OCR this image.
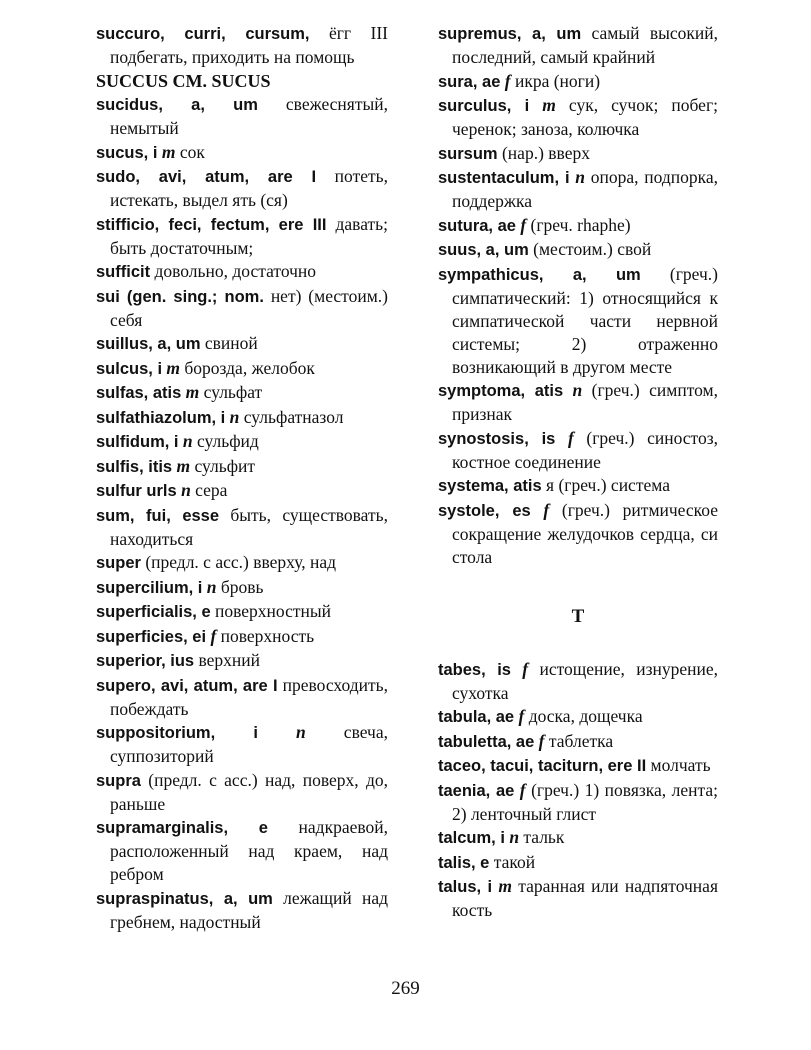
succuro, curri, cursum, ёгг III подбегать, приходить на помощь
SUCCUS CM. SUCUS
sucidus, a, um свежеснятый, немытый
sucus, i m сок
sudo, avi, atum, are I потеть, истекать, выдел ять (ся)
stifficio, feci, fectum, ere III давать; быть достаточным;
sufficit довольно, достаточно
sui (gen. sing.; nom. нет) (местоим.) себя
suillus, a, um свиной
sulcus, i m борозда, желобок
sulfas, atis m сульфат
sulfathiazolum, i n сульфатназол
sulfidum, i n сульфид
sulfis, itis m сульфит
sulfur urls n сера
sum, fui, esse быть, существовать, находиться
super (предл. с асс.) вверху, над
supercilium, i n бровь
superficialis, e поверхностный
superficies, ei f поверхность
superior, ius верхний
supero, avi, atum, are I превосходить, побеждать
suppositorium, i n свеча, суппозиторий
supra (предл. с асс.) над, поверх, до, раньше
supramarginalis, e надкраевой, расположенный над краем, над ребром
supraspinatus, a, um лежащий над гребнем, надостный
supremus, a, um самый высокий, последний, самый крайний
sura, ae f икра (ноги)
surculus, i m сук, сучок; побег; черенок; заноза, колючка
sursum (нар.) вверх
sustentaculum, i n опора, подпорка, поддержка
sutura, ae f (греч. rhaphe)
suus, a, um (местоим.) свой
sympathicus, a, um (греч.) симпатический: 1) относящийся к симпатической части нервной системы; 2) отраженно возникающий в другом месте
symptoma, atis n (греч.) симптом, признак
synostosis, is f (греч.) синостоз, костное соединение
systema, atis я (греч.) система
systole, es f (греч.) ритмическое сокращение желудочков сердца, си стола
T
tabes, is f истощение, изнурение, сухотка
tabula, ae f доска, дощечка
tabuletta, ae f таблетка
taceo, tacui, taciturn, ere II молчать
taenia, ae f (греч.) 1) повязка, лента; 2) ленточный глист
talcum, i n тальк
talis, e такой
talus, i m таранная или надпяточная кость
269
